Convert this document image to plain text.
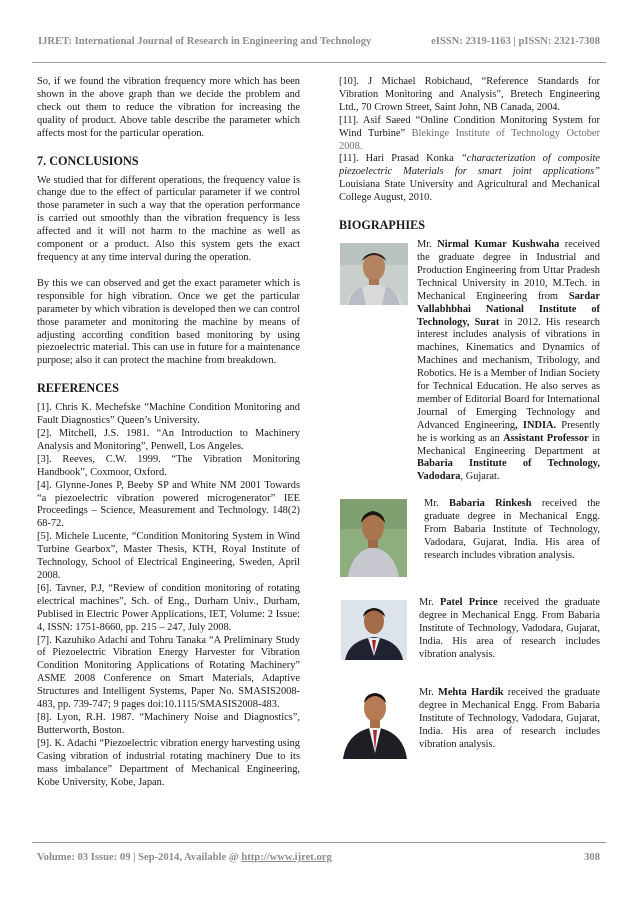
IJRET: International Journal of Research in Engineering and Technology	eISSN: 2319-1163 | pISSN: 2321-7308

So, if we found the vibration frequency more which has been shown in the above graph than we decide the problem and check out them to reduce the vibration for increasing the quality of product. Above table describe the parameter which affects most for the particular operation.

7. CONCLUSIONS

We studied that for different operations, the frequency value is change due to the effect of particular parameter if we control those parameter in such a way that the operation performance is carried out smoothly than the vibration frequency is less affected and it will not harm to the machine as well as component or a product. Also this system gets the exact frequency at any time interval during the operation.

By this we can observed and get the exact parameter which is responsible for high vibration. Once we get the particular parameter by which vibration is developed then we can control those parameter and monitoring the machine by means of adjusting according condition based monitoring by using piezoelectric material. This can use in future for a maintenance purpose; also it can protect the machine from breakdown.

REFERENCES

[1]. Chris K. Mechefske “Machine Condition Monitoring and Fault Diagnostics” Queen’s University.

[2]. Mitchell, J.S. 1981. “An Introduction to Machinery Analysis and Monitoring”, Penwell, Los Angeles.

[3]. Reeves, C.W. 1999. “The Vibration Monitoring Handbook”, Coxmoor, Oxford.

[4]. Glynne-Jones P, Beeby SP and White NM 2001 Towards “a piezoelectric vibration powered microgenerator” IEE Proceedings – Science, Measurement and Technology. 148(2) 68-72.

[5]. Michele Lucente, “Condition Monitoring System in Wind Turbine Gearbox”, Master Thesis, KTH, Royal Institute of Technology, School of Electrical Engineering, Sweden, April 2008.

[6]. Tavner, P.J, “Review of condition monitoring of rotating electrical machines”, Sch. of Eng., Durham Univ., Durham, Publised in Electric Power Applications, IET, Volume: 2 Issue: 4, ISSN: 1751-8660, pp. 215 – 247, July 2008.

[7]. Kazuhiko Adachi and Tohru Tanaka “A Preliminary Study of Piezoelectric Vibration Energy Harvester for Vibration Condition Monitoring Applications of Rotating Machinery” ASME 2008 Conference on Smart Materials, Adaptive Structures and Intelligent Systems, Paper No. SMASIS2008-483, pp. 739-747; 9 pages doi:10.1115/SMASIS2008-483.

[8]. Lyon, R.H. 1987. “Machinery Noise and Diagnostics”, Butterworth, Boston.

[9]. K. Adachi “Piezoelectric vibration energy harvesting using Casing vibration of industrial rotating machinery Due to its mass imbalance” Department of Mechanical Engineering, Kobe University, Kobe, Japan.

[10]. J Michael Robichaud, “Reference Standards for Vibration Monitoring and Analysis”, Bretech Engineering Ltd., 70 Crown Street, Saint John, NB Canada, 2004.

[11]. Asif Saeed “Online Condition Monitoring System for Wind Turbine” Blekinge Institute of Technology October 2008.

[11]. Hari Prasad Konka “characterization of composite piezoelectric Materials for smart joint applications” Louisiana State University and Agricultural and Mechanical College August, 2010.

BIOGRAPHIES

Mr. Nirmal Kumar Kushwaha received the graduate degree in Industrial and Production Engineering from Uttar Pradesh Technical University in 2010, M.Tech. in Mechanical Engineering from Sardar Vallabhbhai National Institute of Technology, Surat in 2012. His research interest includes analysis of vibrations in machines, Kinematics and Dynamics of Machines and mechanism, Tribology, and Robotics. He is a Member of Indian Society for Technical Education. He also serves as member of Editorial Board for International Journal of Emerging Technology and Advanced Engineering, INDIA. Presently he is working as an Assistant Professor in Mechanical Engineering Department at Babaria Institute of Technology, Vadodara, Gujarat.

Mr. Babaria Rinkesh received the graduate degree in Mechanical Engg. From Babaria Institute of Technology, Vadodara, Gujarat, India. His area of research includes vibration analysis.

Mr. Patel Prince received the graduate degree in Mechanical Engg. From Babaria Institute of Technology, Vadodara, Gujarat, India. His area of research includes vibration analysis.

Mr. Mehta Hardik received the graduate degree in Mechanical Engg. From Babaria Institute of Technology, Vadodara, Gujarat, India. His area of research includes vibration analysis.

Volume: 03 Issue: 09 | Sep-2014, Available @ http://www.ijret.org	308
